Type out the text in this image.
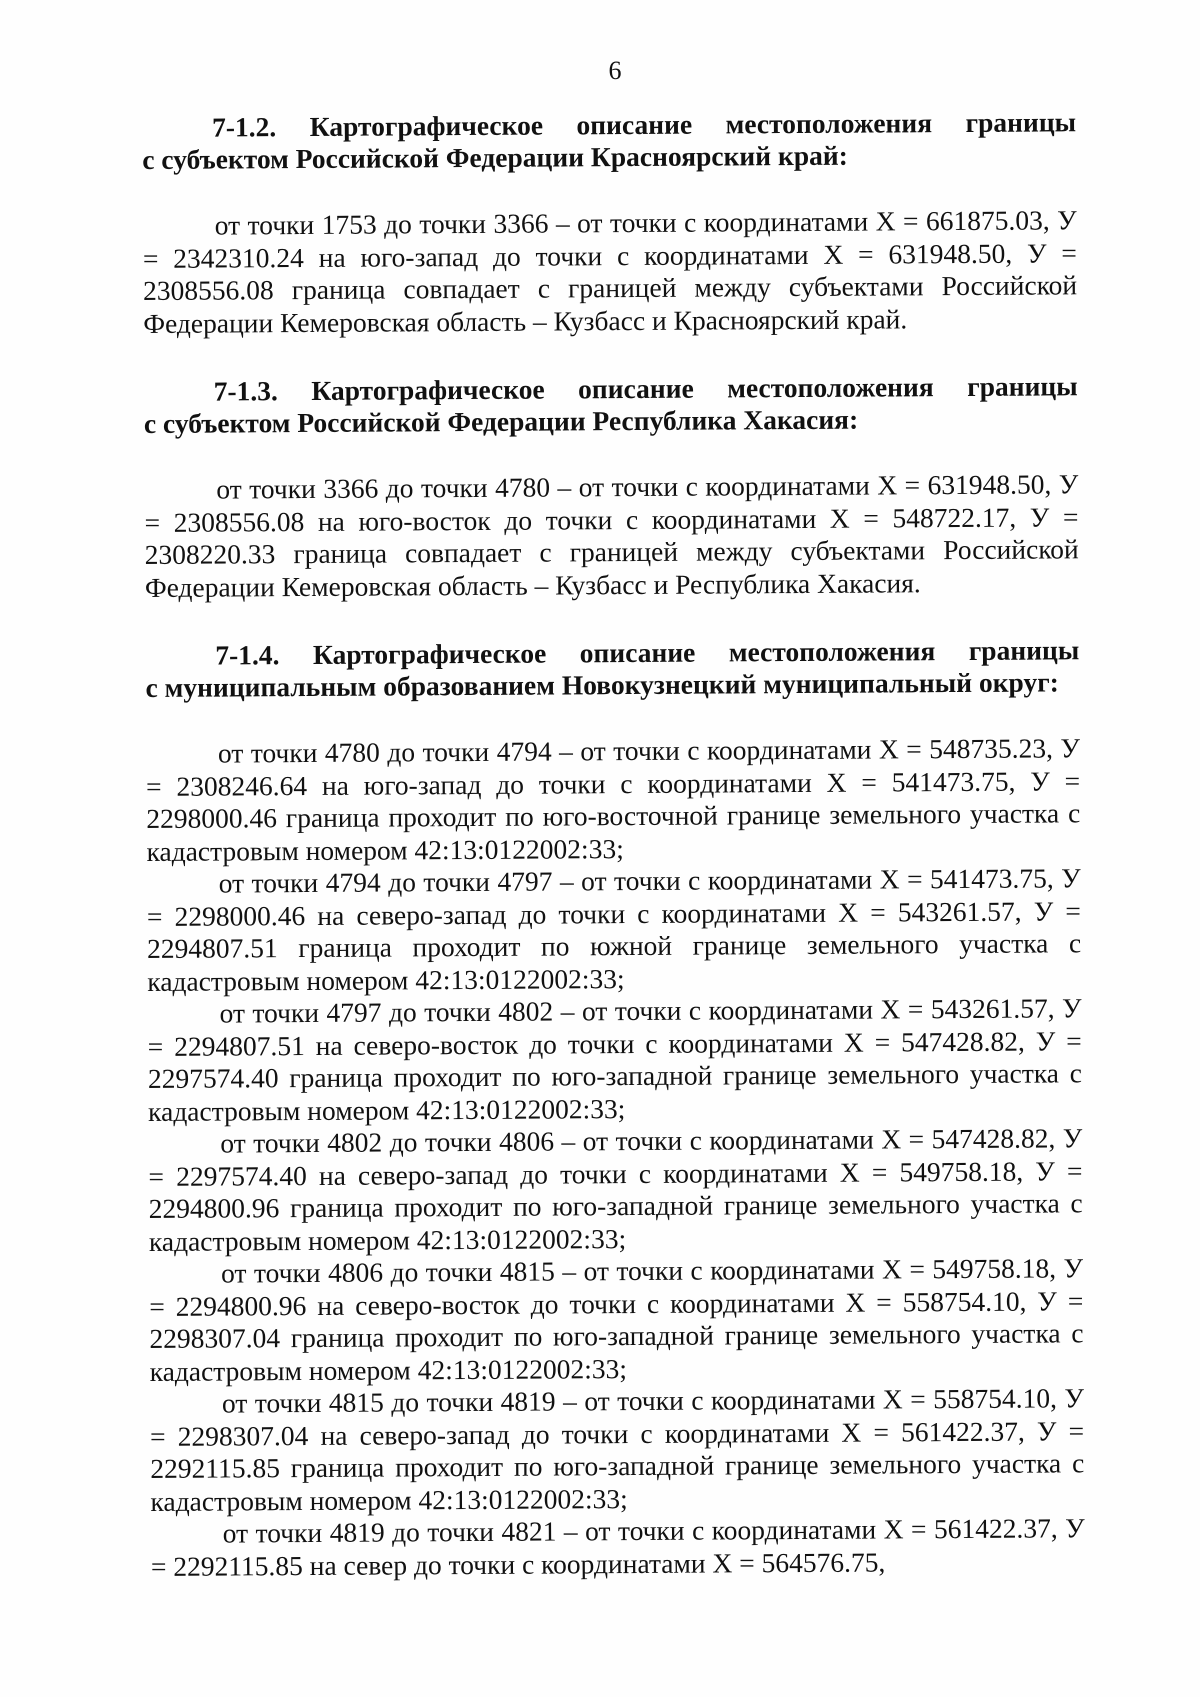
6
7-1.2. Картографическое описание местоположения границы
с субъектом Российской Федерации Красноярский край:

от точки 1753 до точки 3366 – от точки с координатами Х = 661875.03, У = 2342310.24 на юго-запад до точки с координатами Х = 631948.50, У = 2308556.08 граница совпадает с границей между субъектами Российской Федерации Кемеровская область – Кузбасс и Красноярский край.

7-1.3. Картографическое описание местоположения границы
с субъектом Российской Федерации Республика Хакасия:

от точки 3366 до точки 4780 – от точки с координатами Х = 631948.50, У = 2308556.08 на юго-восток до точки с координатами Х = 548722.17, У = 2308220.33 граница совпадает с границей между субъектами Российской Федерации Кемеровская область – Кузбасс и Республика Хакасия.

7-1.4. Картографическое описание местоположения границы
с муниципальным образованием Новокузнецкий муниципальный округ:

от точки 4780 до точки 4794 – от точки с координатами Х = 548735.23, У = 2308246.64 на юго-запад до точки с координатами Х = 541473.75, У = 2298000.46 граница проходит по юго-восточной границе земельного участка с кадастровым номером 42:13:0122002:33;

от точки 4794 до точки 4797 – от точки с координатами Х = 541473.75, У = 2298000.46 на северо-запад до точки с координатами Х = 543261.57, У = 2294807.51 граница проходит по южной границе земельного участка с кадастровым номером 42:13:0122002:33;

от точки 4797 до точки 4802 – от точки с координатами Х = 543261.57, У = 2294807.51 на северо-восток до точки с координатами Х = 547428.82, У = 2297574.40 граница проходит по юго-западной границе земельного участка с кадастровым номером 42:13:0122002:33;

от точки 4802 до точки 4806 – от точки с координатами Х = 547428.82, У = 2297574.40 на северо-запад до точки с координатами Х = 549758.18, У = 2294800.96 граница проходит по юго-западной границе земельного участка с кадастровым номером 42:13:0122002:33;

от точки 4806 до точки 4815 – от точки с координатами Х = 549758.18, У = 2294800.96 на северо-восток до точки с координатами Х = 558754.10, У = 2298307.04 граница проходит по юго-западной границе земельного участка с кадастровым номером 42:13:0122002:33;

от точки 4815 до точки 4819 – от точки с координатами Х = 558754.10, У = 2298307.04 на северо-запад до точки с координатами Х = 561422.37, У = 2292115.85 граница проходит по юго-западной границе земельного участка с кадастровым номером 42:13:0122002:33;

от точки 4819 до точки 4821 – от точки с координатами Х = 561422.37, У = 2292115.85 на север до точки с координатами Х = 564576.75,
